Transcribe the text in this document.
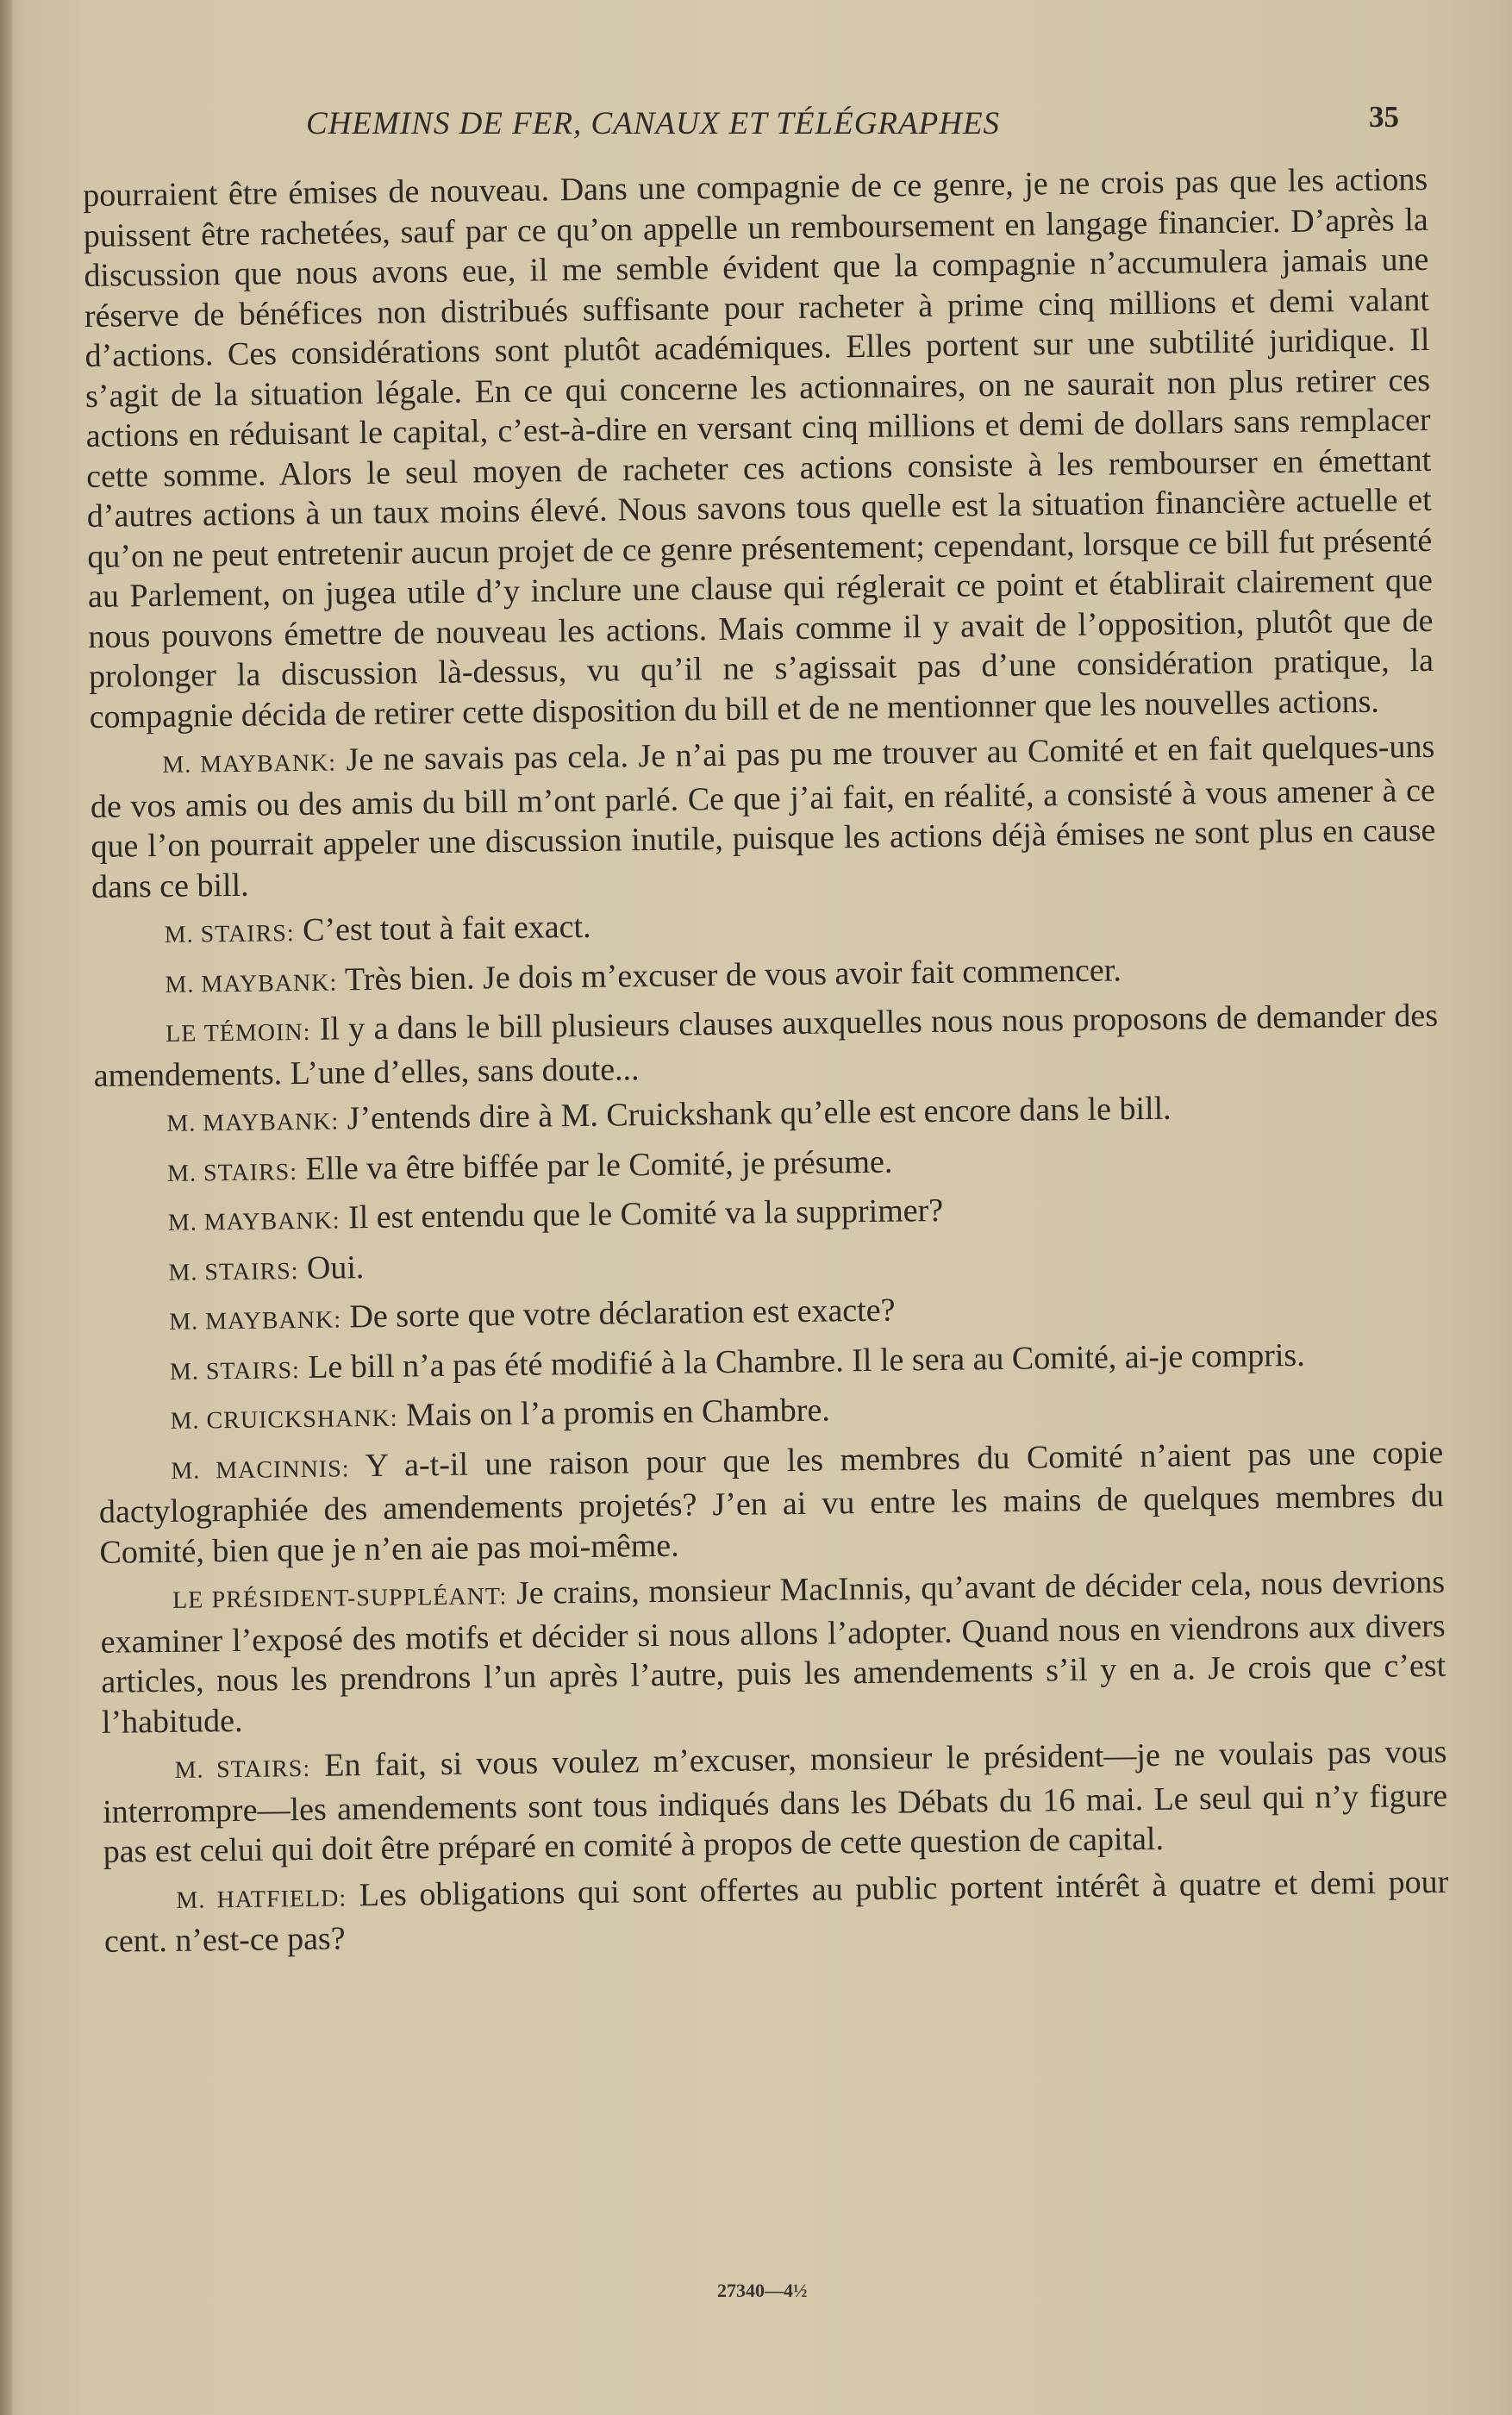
CHEMINS DE FER, CANAUX ET TÉLÉGRAPHES	35

pourraient être émises de nouveau. Dans une compagnie de ce genre, je ne crois pas que les actions puissent être rachetées, sauf par ce qu’on appelle un remboursement en langage financier. D’après la discussion que nous avons eue, il me semble évident que la compagnie n’accumulera jamais une réserve de bénéfices non distribués suffisante pour racheter à prime cinq millions et demi valant d’actions. Ces considérations sont plutôt académiques. Elles portent sur une subtilité juridique. Il s’agit de la situation légale. En ce qui concerne les actionnaires, on ne saurait non plus retirer ces actions en réduisant le capital, c’est-à-dire en versant cinq millions et demi de dollars sans remplacer cette somme. Alors le seul moyen de racheter ces actions consiste à les rembourser en émettant d’autres actions à un taux moins élevé. Nous savons tous quelle est la situation financière actuelle et qu’on ne peut entretenir aucun projet de ce genre présentement; cependant, lorsque ce bill fut présenté au Parlement, on jugea utile d’y inclure une clause qui réglerait ce point et établirait clairement que nous pouvons émettre de nouveau les actions. Mais comme il y avait de l’opposition, plutôt que de prolonger la discussion là-dessus, vu qu’il ne s’agissait pas d’une considération pratique, la compagnie décida de retirer cette disposition du bill et de ne mentionner que les nouvelles actions.

M. MAYBANK: Je ne savais pas cela. Je n’ai pas pu me trouver au Comité et en fait quelques-uns de vos amis ou des amis du bill m’ont parlé. Ce que j’ai fait, en réalité, a consisté à vous amener à ce que l’on pourrait appeler une discussion inutile, puisque les actions déjà émises ne sont plus en cause dans ce bill.

M. STAIRS: C’est tout à fait exact.

M. MAYBANK: Très bien. Je dois m’excuser de vous avoir fait commencer.

LE TÉMOIN: Il y a dans le bill plusieurs clauses auxquelles nous nous proposons de demander des amendements. L’une d’elles, sans doute...

M. MAYBANK: J’entends dire à M. Cruickshank qu’elle est encore dans le bill.

M. STAIRS: Elle va être biffée par le Comité, je présume.

M. MAYBANK: Il est entendu que le Comité va la supprimer?

M. STAIRS: Oui.

M. MAYBANK: De sorte que votre déclaration est exacte?

M. STAIRS: Le bill n’a pas été modifié à la Chambre. Il le sera au Comité, ai-je compris.

M. CRUICKSHANK: Mais on l’a promis en Chambre.

M. MACINNIS: Y a-t-il une raison pour que les membres du Comité n’aient pas une copie dactylographiée des amendements projetés? J’en ai vu entre les mains de quelques membres du Comité, bien que je n’en aie pas moi-même.

LE PRÉSIDENT-SUPPLÉANT: Je crains, monsieur MacInnis, qu’avant de décider cela, nous devrions examiner l’exposé des motifs et décider si nous allons l’adopter. Quand nous en viendrons aux divers articles, nous les prendrons l’un après l’autre, puis les amendements s’il y en a. Je crois que c’est l’habitude.

M. STAIRS: En fait, si vous voulez m’excuser, monsieur le président—je ne voulais pas vous interrompre—les amendements sont tous indiqués dans les Débats du 16 mai. Le seul qui n’y figure pas est celui qui doit être préparé en comité à propos de cette question de capital.

M. HATFIELD: Les obligations qui sont offertes au public portent intérêt à quatre et demi pour cent. n’est-ce pas?

27340—4½
